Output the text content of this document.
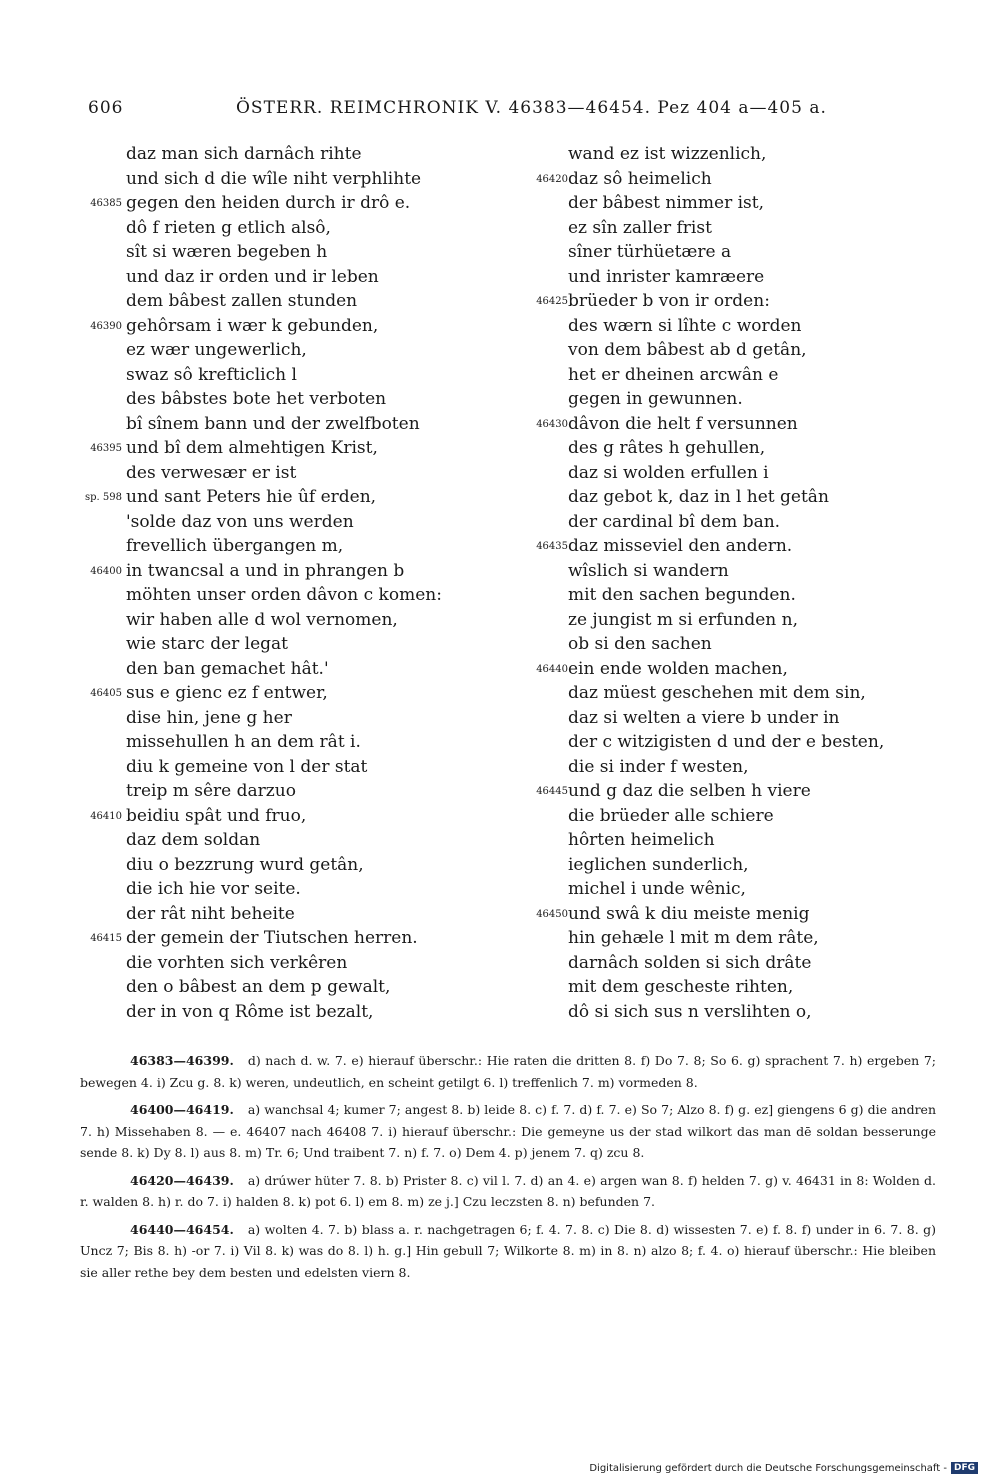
606	ÖSTERR. REIMCHRONIK V. 46383—46454. Pez 404 a—405 a.
daz man sich darnâch rihte
und sich d die wîle niht verphlihte
46385 gegen den heiden durch ir drô e.
dô f rieten g etlich alsô,
sît si wæren begeben h
und daz ir orden und ir leben
dem bâbest zallen stunden
46390 gehôrsam i wær k gebunden,
ez wær ungewerlich,
swaz sô krefticlich l
des bâbstes bote het verboten
bî sînem bann und der zwelfboten
46395 und bî dem almehtigen Krist,
des verwesær er ist
sp. 598 und sant Peters hie ûf erden,
'solde daz von uns werden
frevellich übergangen m,
46400 in twancsal a und in phrangen b
möhten unser orden dâvon c komen:
wir haben alle d wol vernomen,
wie starc der legat
den ban gemachet hât.'
46405 sus e gienc ez f entwer,
dise hin, jene g her
missehullen h an dem rât i.
diu k gemeine von l der stat
treip m sêre darzuo
46410 beidiu spât und fruo,
daz dem soldan
diu o bezzrung wurd getân,
die ich hie vor seite.
der rât niht beheite
46415 der gemein der Tiutschen herren.
die vorhten sich verkêren
den o bâbest an dem p gewalt,
der in von q Rôme ist bezalt,
wand ez ist wizzenlich,
46420 daz sô heimelich
der bâbest nimmer ist,
ez sîn zaller frist
sîner türhüetære a
und inrister kamræere
46425 brüeder b von ir orden:
des wærn si lîhte c worden
von dem bâbest ab d getân,
het er dheinen arcwân e
gegen in gewunnen.
46430 dâvon die helt f versunnen
des g râtes h gehullen,
daz si wolden erfullen i
daz gebot k, daz in l het getân
der cardinal bî dem ban.
46435 daz misseviel den andern.
wîslich si wandern
mit den sachen begunden.
ze jungist m si erfunden n,
ob si den sachen
46440 ein ende wolden machen,
daz müest geschehen mit dem sin,
daz si welten a viere b under in
der c witzigisten d und der e besten,
die si inder f westen,
46445 und g daz die selben h viere
die brüeder alle schiere
hôrten heimelich
ieglichen sunderlich,
michel i unde wênic,
46450 und swâ k diu meiste menig
hin gehæle l mit m dem râte,
darnâch solden si sich drâte
mit dem gescheste rihten,
dô si sich sus n verslihten o,
46383—46399. d) nach d. w. 7. e) hierauf überschr.: Hie raten die dritten 8. f) Do 7. 8; So 6. g) sprachent 7. h) ergeben 7; bewegen 4. i) Zcu g. 8. k) weren, undeutlich, en scheint getilgt 6. l) treffenlich 7. m) vormeden 8.
46400—46419. a) wanchsal 4; kumer 7; angest 8. b) leide 8. c) f. 7. d) f. 7. e) So 7; Alzo 8. f) g. ez] giengens 6 g) die andren 7. h) Missehaben 8. — e. 46407 nach 46408 7. i) hierauf überschr.: Die gemeyne us der stad wilkort das man dē soldan besserunge sende 8. k) Dy 8. l) aus 8. m) Tr. 6; Und traibent 7. n) f. 7. o) Dem 4. p) jenem 7. q) zcu 8.
46420—46439. a) drúwer hüter 7. 8. b) Prister 8. c) vil l. 7. d) an 4. e) argen wan 8. f) helden 7. g) v. 46431 in 8: Wolden d. r. walden 8. h) r. do 7. i) halden 8. k) pot 6. l) em 8. m) ze j.] Czu leczsten 8. n) befunden 7.
46440—46454. a) wolten 4. 7. b) blass a. r. nachgetragen 6; f. 4. 7. 8. c) Die 8. d) wissesten 7. e) f. 8. f) under in 6. 7. 8. g) Uncz 7; Bis 8. h) -or 7. i) Vil 8. k) was do 8. l) h. g.] Hin gebull 7; Wilkorte 8. m) in 8. n) alzo 8; f. 4. o) hierauf überschr.: Hie bleiben sie aller rethe bey dem besten und edelsten viern 8.
Digitalisierung gefördert durch die Deutsche Forschungsgemeinschaft - DFG
